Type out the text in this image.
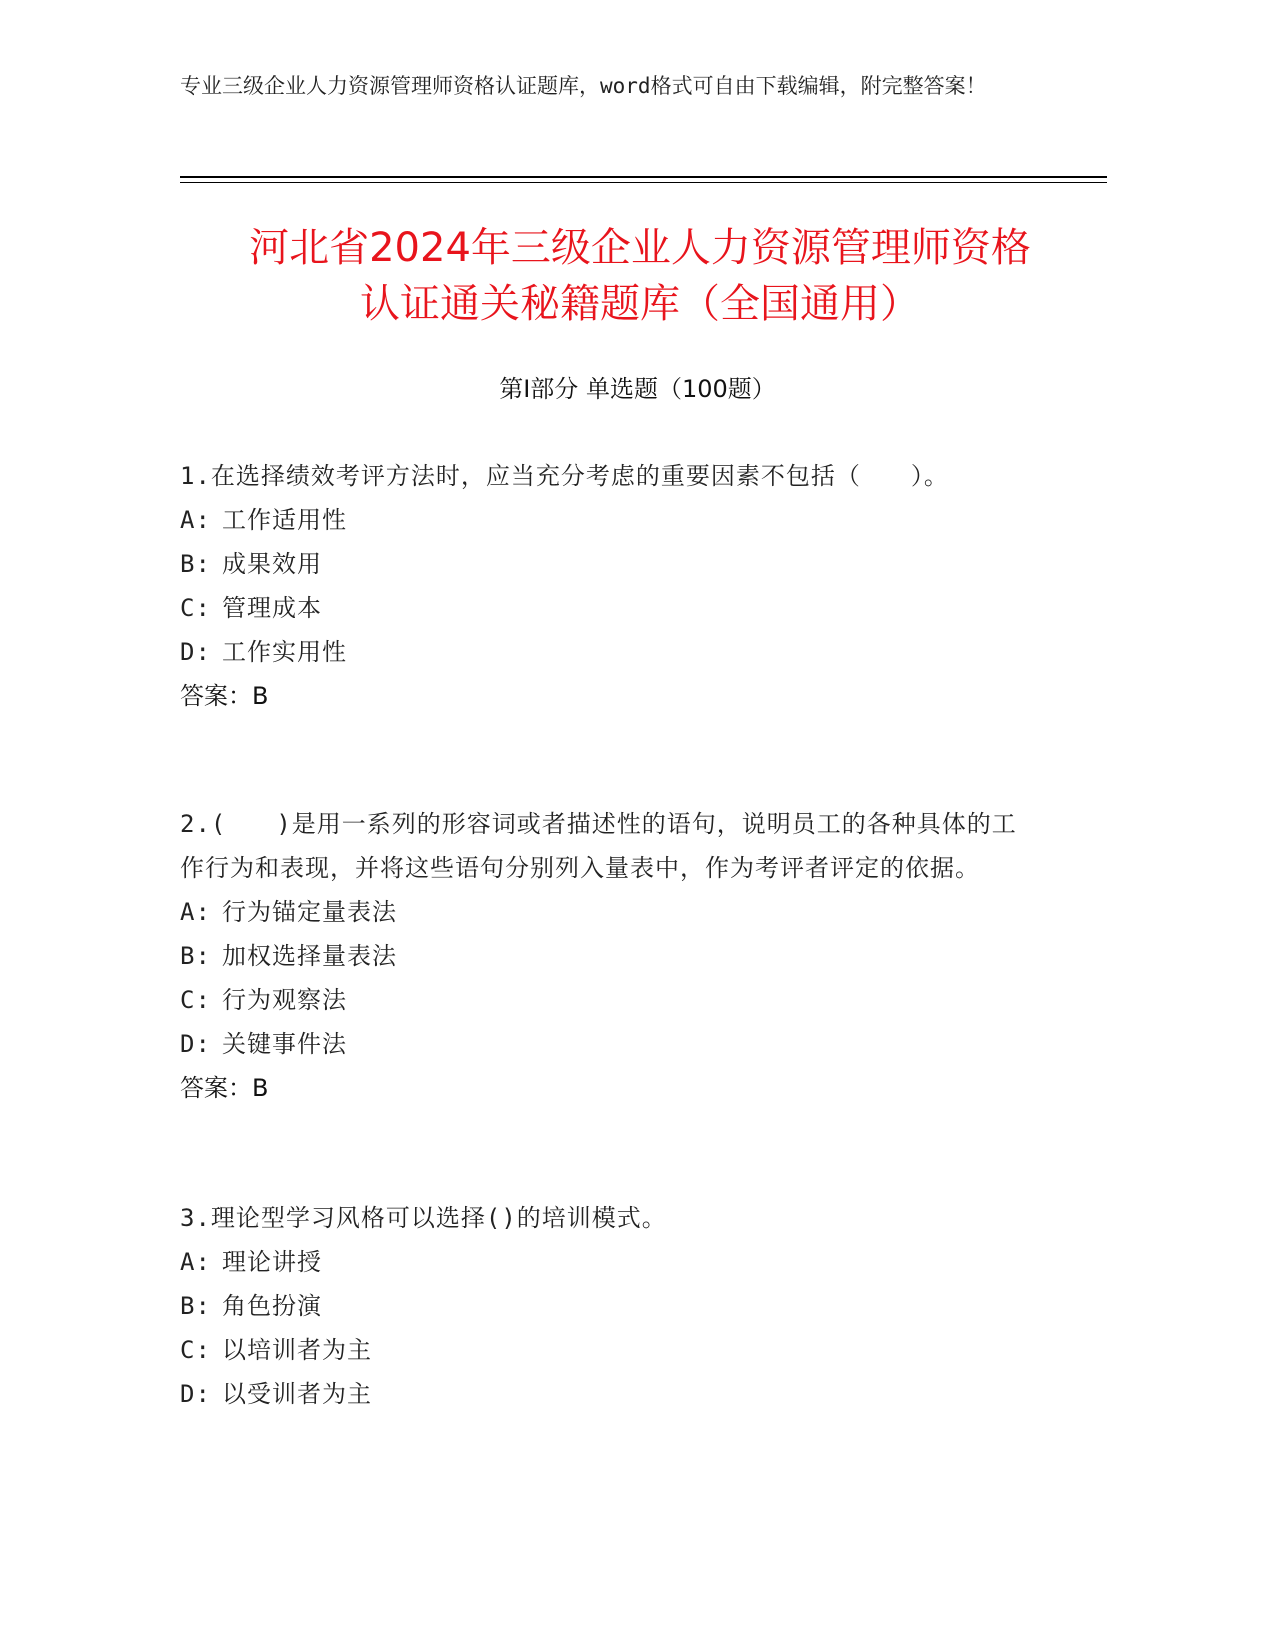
专业三级企业人力资源管理师资格认证题库，word格式可自由下载编辑，附完整答案！
河北省2024年三级企业人力资源管理师资格
认证通关秘籍题库（全国通用）
第Ⅰ部分 单选题（100题）
1.在选择绩效考评方法时，应当充分考虑的重要因素不包括（　　）。
A: 工作适用性
B: 成果效用
C: 管理成本
D: 工作实用性
答案：B
2.(　　)是用一系列的形容词或者描述性的语句，说明员工的各种具体的工作行为和表现，并将这些语句分别列入量表中，作为考评者评定的依据。
A: 行为锚定量表法
B: 加权选择量表法
C: 行为观察法
D: 关键事件法
答案：B
3.理论型学习风格可以选择()的培训模式。
A: 理论讲授
B: 角色扮演
C: 以培训者为主
D: 以受训者为主
